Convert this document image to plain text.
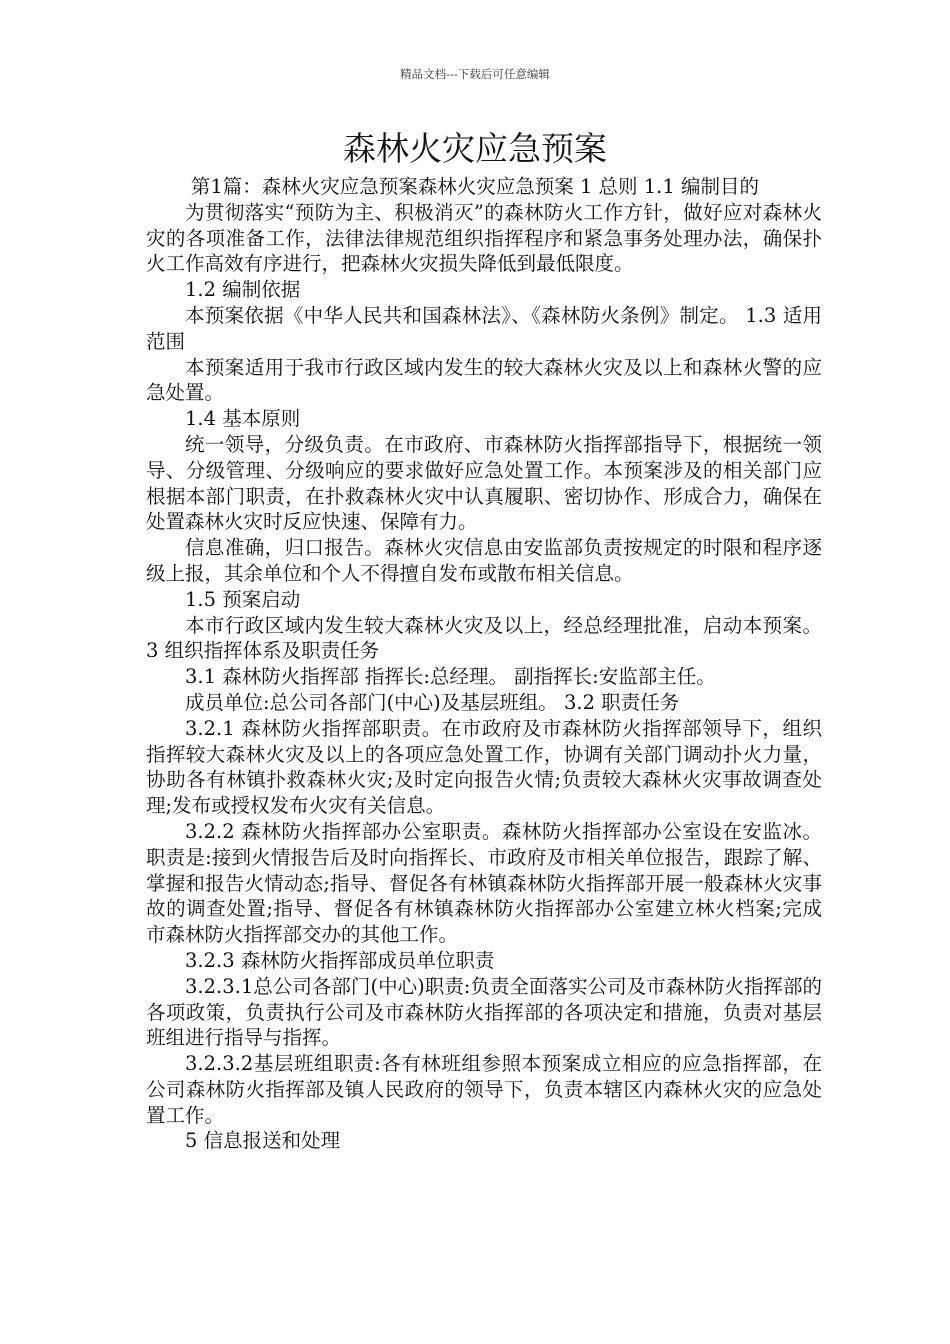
精品文档---下载后可任意编辑
森林火灾应急预案

第1篇：森林火灾应急预案森林火灾应急预案 1 总则 1.1 编制目的

为贯彻落实“预防为主、积极消灭”的森林防火工作方针，做好应对森林火灾的各项准备工作，法律法律规范组织指挥程序和紧急事务处理办法，确保扑火工作高效有序进行，把森林火灾损失降低到最低限度。

1.2 编制依据

本预案依据《中华人民共和国森林法》、《森林防火条例》制定。 1.3 适用范围

本预案适用于我市行政区域内发生的较大森林火灾及以上和森林火警的应急处置。

1.4 基本原则

统一领导，分级负责。在市政府、市森林防火指挥部指导下，根据统一领导、分级管理、分级响应的要求做好应急处置工作。本预案涉及的相关部门应根据本部门职责，在扑救森林火灾中认真履职、密切协作、形成合力，确保在处置森林火灾时反应快速、保障有力。

信息准确，归口报告。森林火灾信息由安监部负责按规定的时限和程序逐级上报，其余单位和个人不得擅自发布或散布相关信息。

1.5 预案启动

本市行政区域内发生较大森林火灾及以上，经总经理批准，启动本预案。 3 组织指挥体系及职责任务

3.1 森林防火指挥部 指挥长:总经理。 副指挥长:安监部主任。

成员单位:总公司各部门(中心)及基层班组。 3.2 职责任务

3.2.1 森林防火指挥部职责。在市政府及市森林防火指挥部领导下，组织指挥较大森林火灾及以上的各项应急处置工作，协调有关部门调动扑火力量，协助各有林镇扑救森林火灾;及时定向报告火情;负责较大森林火灾事故调查处理;发布或授权发布火灾有关信息。

3.2.2 森林防火指挥部办公室职责。森林防火指挥部办公室设在安监冰。职责是:接到火情报告后及时向指挥长、市政府及市相关单位报告，跟踪了解、掌握和报告火情动态;指导、督促各有林镇森林防火指挥部开展一般森林火灾事故的调查处置;指导、督促各有林镇森林防火指挥部办公室建立林火档案;完成市森林防火指挥部交办的其他工作。

3.2.3 森林防火指挥部成员单位职责

3.2.3.1总公司各部门(中心)职责:负责全面落实公司及市森林防火指挥部的各项政策，负责执行公司及市森林防火指挥部的各项决定和措施，负责对基层班组进行指导与指挥。

3.2.3.2基层班组职责:各有林班组参照本预案成立相应的应急指挥部，在公司森林防火指挥部及镇人民政府的领导下，负责本辖区内森林火灾的应急处置工作。

5 信息报送和处理
